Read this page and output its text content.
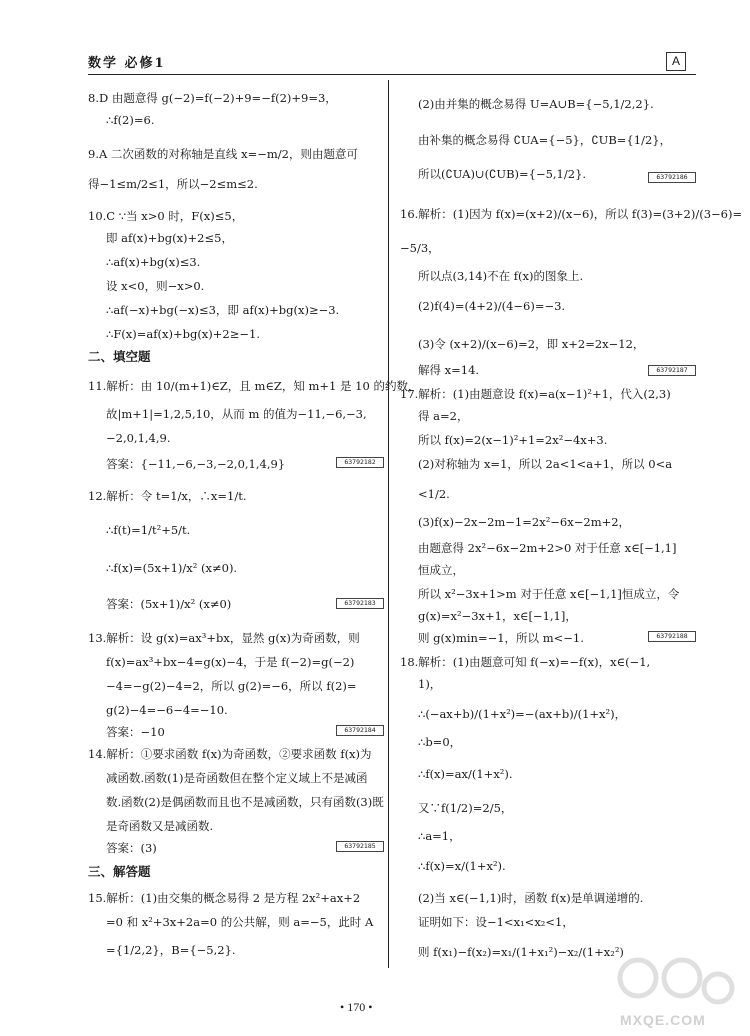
数学 必修1	A
8.D 由题意得 g(−2)=f(−2)+9=−f(2)+9=3，
∴f(2)=6.
9.A 二次函数的对称轴是直线 x=−m/2，则由题意可
得−1≤m/2≤1，所以−2≤m≤2.
10.C ∵当 x>0 时，F(x)≤5，
即 af(x)+bg(x)+2≤5，
∴af(x)+bg(x)≤3.
设 x<0，则−x>0.
∴af(−x)+bg(−x)≤3，即 af(x)+bg(x)≥−3.
∴F(x)=af(x)+bg(x)+2≥−1.
二、填空题
11.解析：由 10/(m+1)∈Z，且 m∈Z，知 m+1 是 10 的约数，
故|m+1|=1,2,5,10，从而 m 的值为−11,−6,−3,
−2,0,1,4,9.
答案：{−11,−6,−3,−2,0,1,4,9}
12.解析：令 t=1/x，∴x=1/t.
∴f(t)=1/t²+5/t.
∴f(x)=(5x+1)/x² (x≠0).
答案：(5x+1)/x² (x≠0)
13.解析：设 g(x)=ax³+bx，显然 g(x)为奇函数，则
f(x)=ax³+bx−4=g(x)−4，于是 f(−2)=g(−2)
−4=−g(2)−4=2，所以 g(2)=−6，所以 f(2)=
g(2)−4=−6−4=−10.
答案：−10
14.解析：①要求函数 f(x)为奇函数，②要求函数 f(x)为
减函数.函数(1)是奇函数但在整个定义域上不是减函
数.函数(2)是偶函数而且也不是减函数，只有函数(3)既
是奇函数又是减函数.
答案：(3)
三、解答题
15.解析：(1)由交集的概念易得 2 是方程 2x²+ax+2
=0 和 x²+3x+2a=0 的公共解，则 a=−5，此时 A
={1/2,2}，B={−5,2}.
(2)由并集的概念易得 U=A∪B={−5,1/2,2}.
由补集的概念易得 ∁UA={−5}，∁UB={1/2}，
所以(∁UA)∪(∁UB)={−5,1/2}.
16.解析：(1)因为 f(x)=(x+2)/(x−6)，所以 f(3)=(3+2)/(3−6)=
−5/3，
所以点(3,14)不在 f(x)的图象上.
(2)f(4)=(4+2)/(4−6)=−3.
(3)令 (x+2)/(x−6)=2，即 x+2=2x−12，
解得 x=14.
17.解析：(1)由题意设 f(x)=a(x−1)²+1，代入(2,3)
得 a=2，
所以 f(x)=2(x−1)²+1=2x²−4x+3.
(2)对称轴为 x=1，所以 2a<1<a+1，所以 0<a
<1/2.
(3)f(x)−2x−2m−1=2x²−6x−2m+2，
由题意得 2x²−6x−2m+2>0 对于任意 x∈[−1,1]
恒成立，
所以 x²−3x+1>m 对于任意 x∈[−1,1]恒成立，令
g(x)=x²−3x+1，x∈[−1,1]，
则 g(x)min=−1，所以 m<−1.
18.解析：(1)由题意可知 f(−x)=−f(x)，x∈(−1,
1)，
∴(−ax+b)/(1+x²)=−(ax+b)/(1+x²)，
∴b=0，
∴f(x)=ax/(1+x²).
又∵f(1/2)=2/5，
∴a=1，
∴f(x)=x/(1+x²).
(2)当 x∈(−1,1)时，函数 f(x)是单调递增的.
证明如下：设−1<x₁<x₂<1，
则 f(x₁)−f(x₂)=x₁/(1+x₁²)−x₂/(1+x₂²)
63792182
63792183
63792184
63792185
63792186
63792187
63792188
MXQE.COM
• 170 •
